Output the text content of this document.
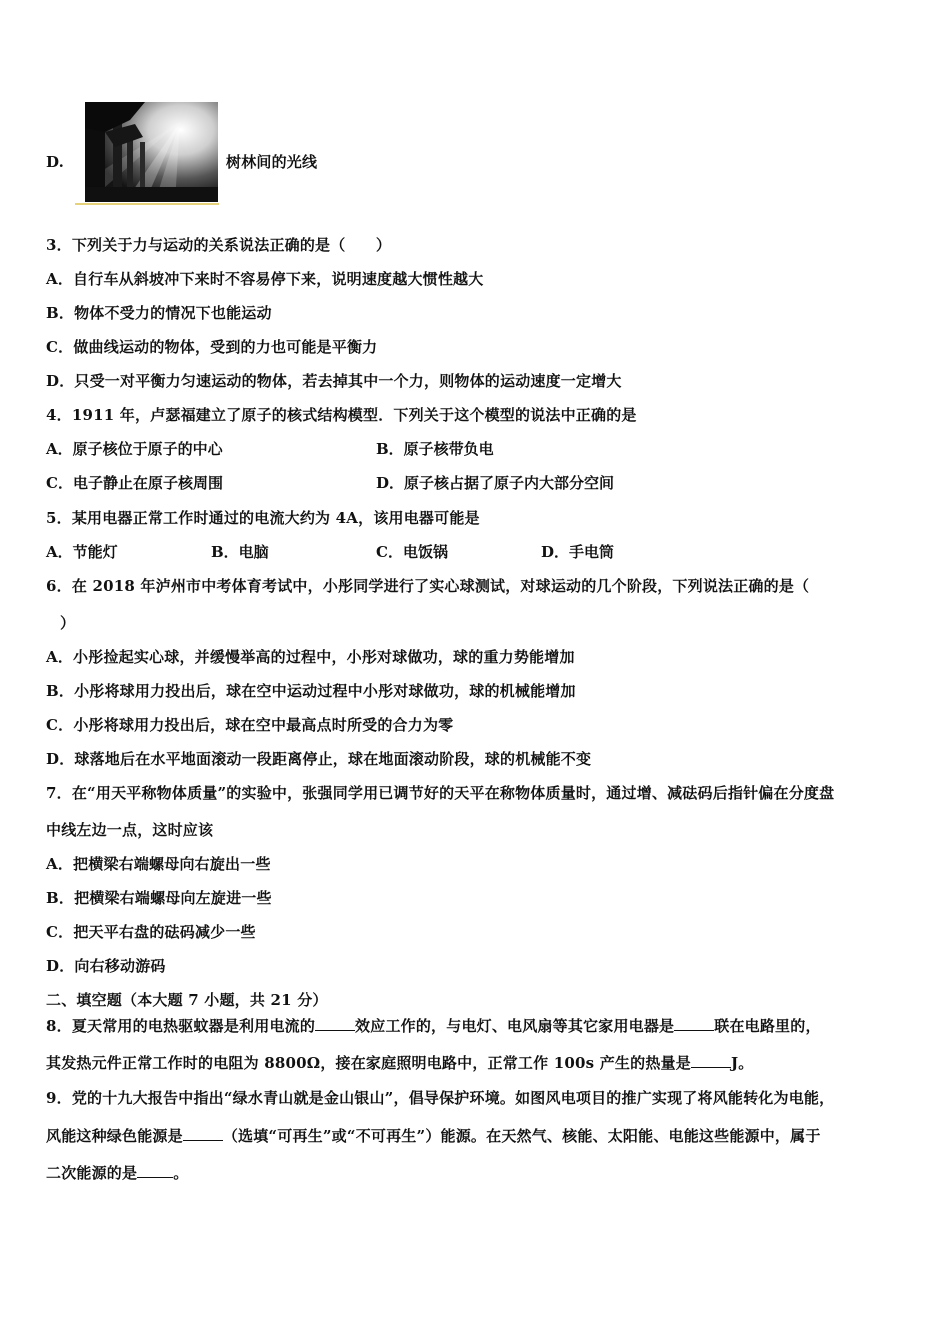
D.	树林间的光线
3．下列关于力与运动的关系说法正确的是（　　）
A．自行车从斜坡冲下来时不容易停下来，说明速度越大惯性越大
B．物体不受力的情况下也能运动
C．做曲线运动的物体，受到的力也可能是平衡力
D．只受一对平衡力匀速运动的物体，若去掉其中一个力，则物体的运动速度一定增大
4．1911 年，卢瑟福建立了原子的核式结构模型．下列关于这个模型的说法中正确的是
A．原子核位于原子的中心	B．原子核带负电
C．电子静止在原子核周围	D．原子核占据了原子内大部分空间
5．某用电器正常工作时通过的电流大约为 4A，该用电器可能是
A．节能灯	B．电脑	C．电饭锅	D．手电筒
6．在 2018 年泸州市中考体育考试中，小彤同学进行了实心球测试，对球运动的几个阶段，下列说法正确的是（
）
A．小彤捡起实心球，并缓慢举高的过程中，小彤对球做功，球的重力势能增加
B．小彤将球用力投出后，球在空中运动过程中小彤对球做功，球的机械能增加
C．小彤将球用力投出后，球在空中最高点时所受的合力为零
D．球落地后在水平地面滚动一段距离停止，球在地面滚动阶段，球的机械能不变
7．在“用天平称物体质量”的实验中，张强同学用已调节好的天平在称物体质量时，通过增、减砝码后指针偏在分度盘
中线左边一点，这时应该
A．把横梁右端螺母向右旋出一些
B．把横梁右端螺母向左旋进一些
C．把天平右盘的砝码减少一些
D．向右移动游码
二、填空题（本大题 7 小题，共 21 分）
8．夏天常用的电热驱蚊器是利用电流的	效应工作的，与电灯、电风扇等其它家用电器是	联在电路里的，
其发热元件正常工作时的电阻为 8800Ω，接在家庭照明电路中，正常工作 100s 产生的热量是	J。
9．党的十九大报告中指出“绿水青山就是金山银山”，倡导保护环境。如图风电项目的推广实现了将风能转化为电能，
风能这种绿色能源是	（选填“可再生”或“不可再生”）能源。在天然气、核能、太阳能、电能这些能源中，属于
二次能源的是 。
